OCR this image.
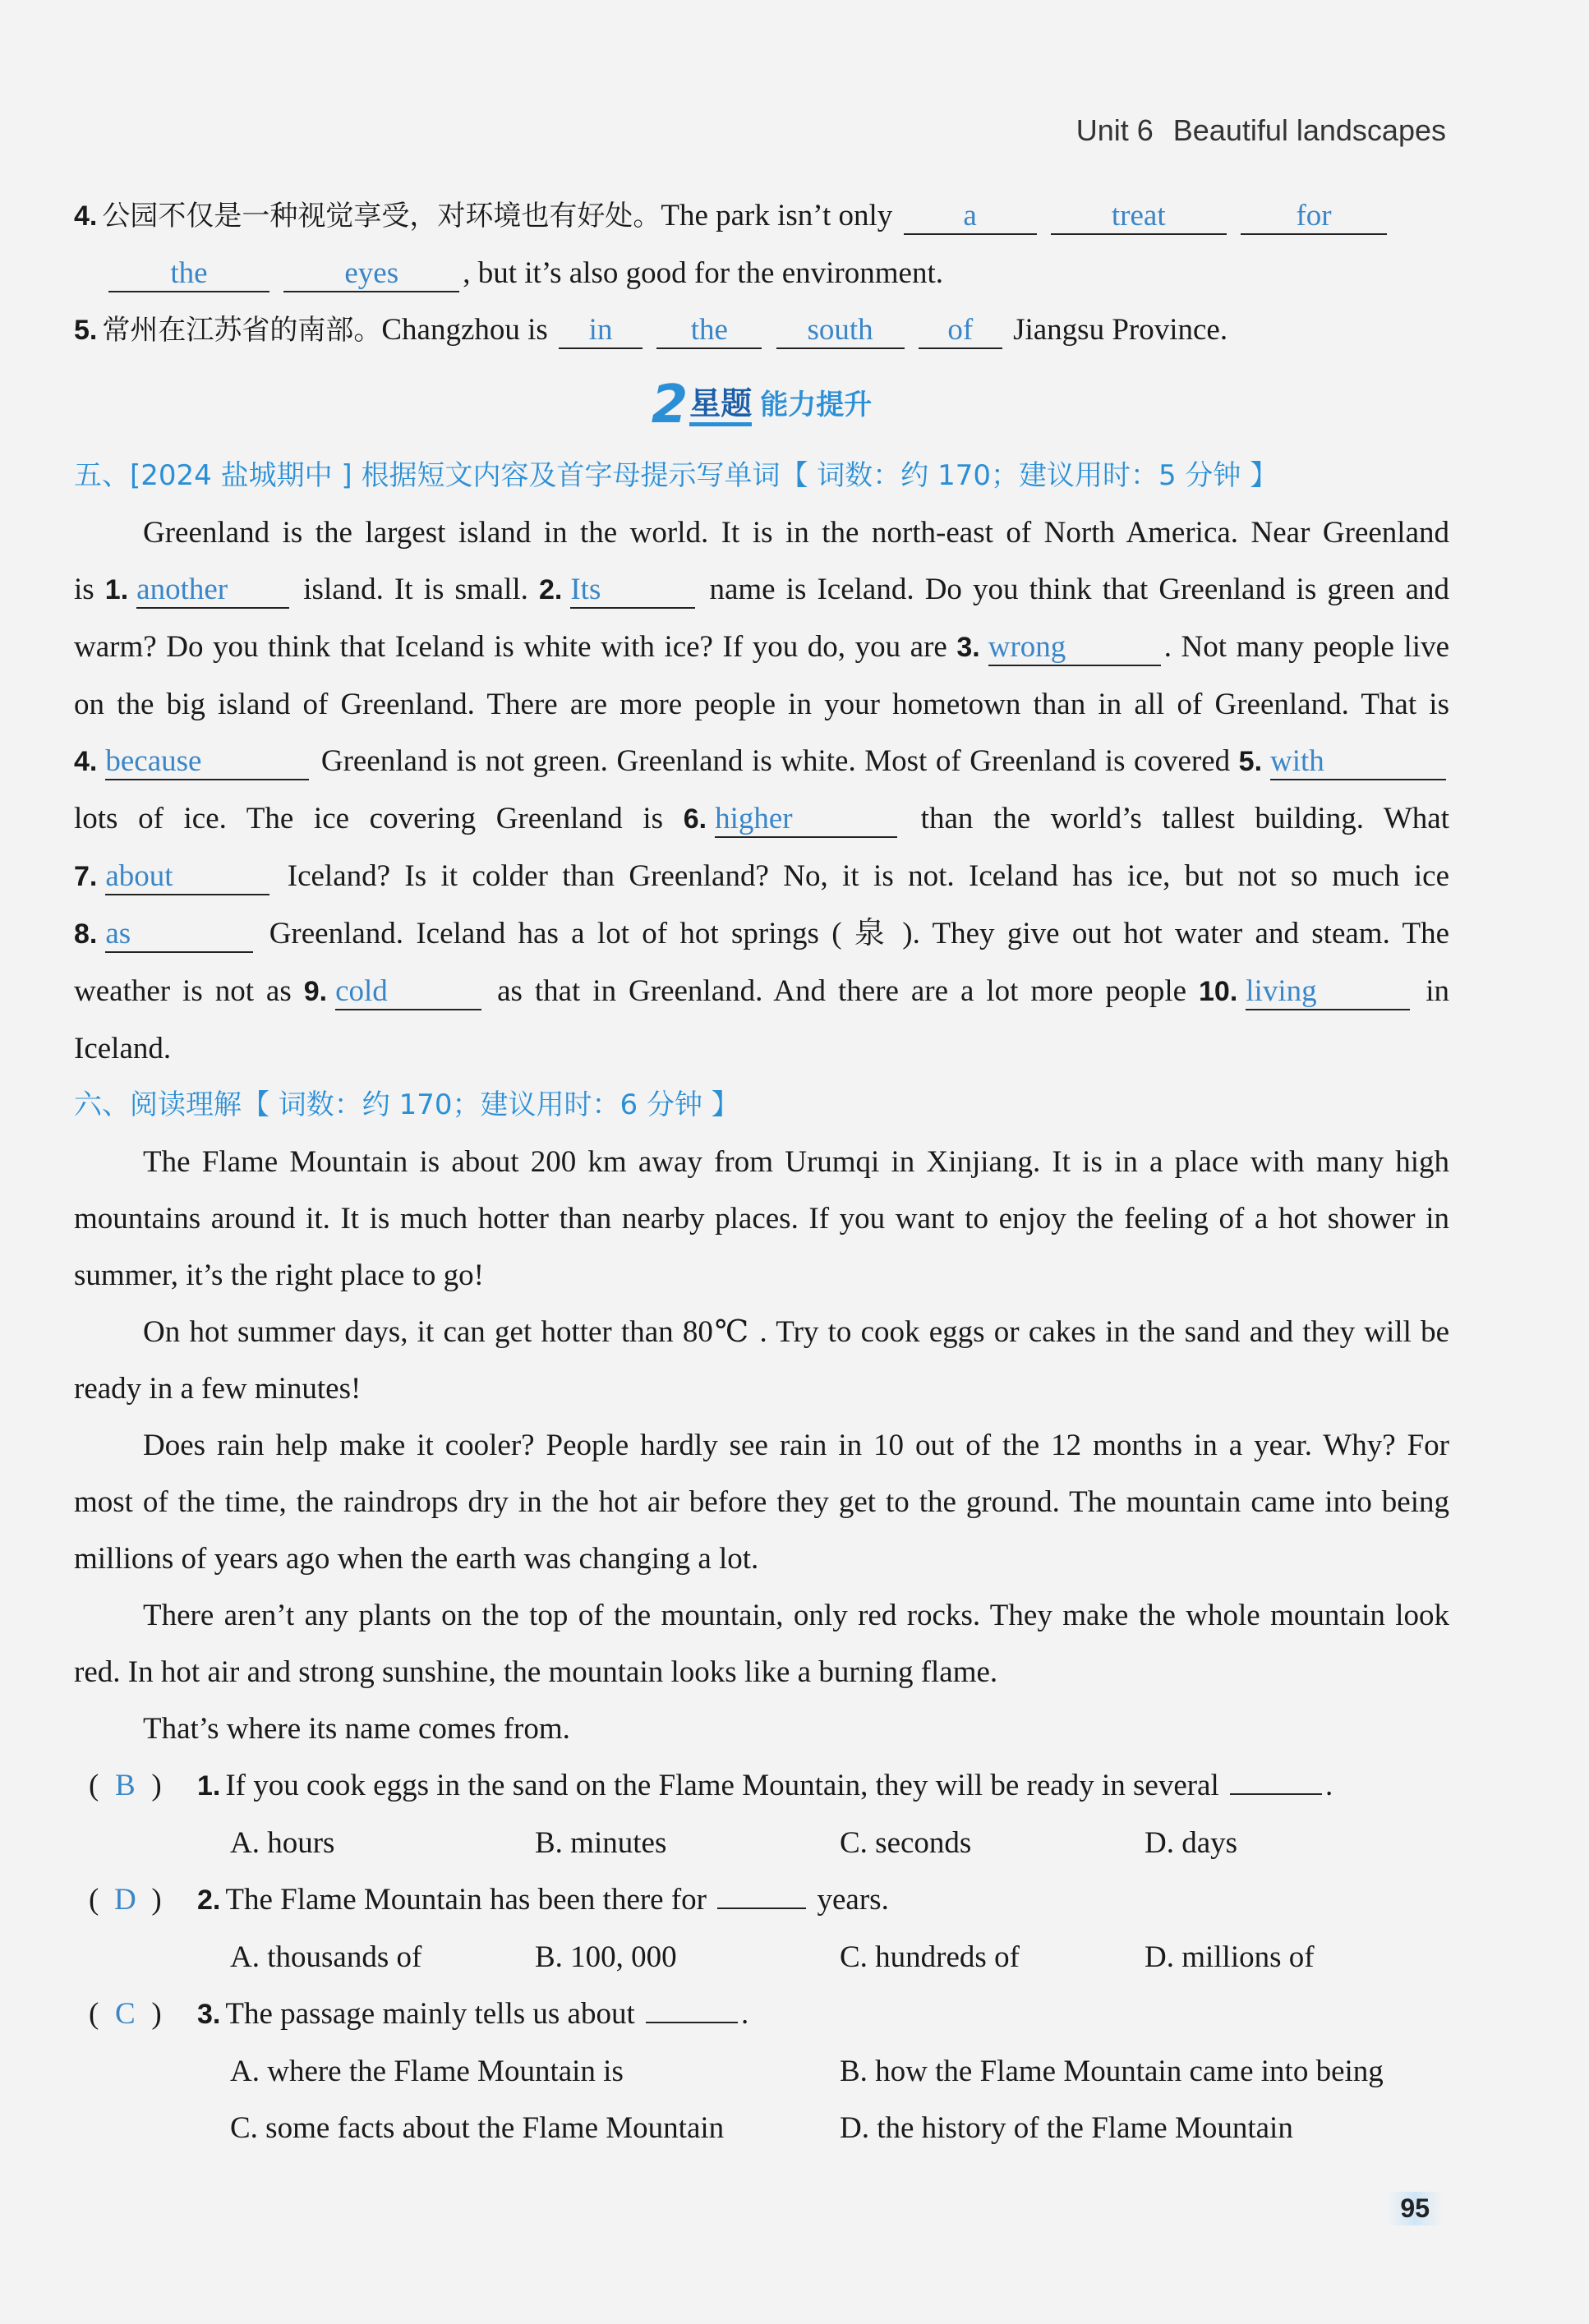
Unit 6 Beautiful landscapes
4. 公园不仅是一种视觉享受，对环境也有好处。The park isn’t only a	treat	for
the	eyes , but it’s also good for the environment.
5. 常州在江苏省的南部。Changzhou is in	the	south of Jiangsu Province.
2星题 能力提升
五、[2024 盐城期中 ] 根据短文内容及首字母提示写单词【 词数：约 170；建议用时：5 分钟 】
Greenland is the largest island in the world. It is in the north-east of North America. Near Greenland
is 1. another island. It is small. 2. Its	name is Iceland. Do you think that Greenland is green and
warm? Do you think that Iceland is white with ice? If you do, you are 3. wrong	. Not many people live
on the big island of Greenland. There are more people in your hometown than in all of Greenland. That is
4. because	Greenland is not green. Greenland is white. Most of Greenland is covered 5. with
lots of ice. The ice covering Greenland is 6. higher	than the world’s tallest building. What
7. about	Iceland? Is it colder than Greenland? No, it is not. Iceland has ice, but not so much ice
8. as	Greenland. Iceland has a lot of hot springs ( 泉 ). They give out hot water and steam. The
weather is not as 9. cold	as that in Greenland. And there are a lot more people 10. living	in
Iceland.
六、阅读理解【 词数：约 170；建议用时：6 分钟 】
The Flame Mountain is about 200 km away from Urumqi in Xinjiang. It is in a place with many high
mountains around it. It is much hotter than nearby places. If you want to enjoy the feeling of a hot shower in
summer, it’s the right place to go!
On hot summer days, it can get hotter than 80℃ . Try to cook eggs or cakes in the sand and they will be
ready in a few minutes!
Does rain help make it cooler? People hardly see rain in 10 out of the 12 months in a year. Why? For
most of the time, the raindrops dry in the hot air before they get to the ground. The mountain came into being
millions of years ago when the earth was changing a lot.
There aren’t any plants on the top of the mountain, only red rocks. They make the whole mountain look
red. In hot air and strong sunshine, the mountain looks like a burning flame.
That’s where its name comes from.
( B ) 1. If you cook eggs in the sand on the Flame Mountain, they will be ready in several	.
A. hours	B. minutes	C. seconds	D. days
( D ) 2. The Flame Mountain has been there for	years.
A. thousands of	B. 100, 000	C. hundreds of	D. millions of
( C ) 3. The passage mainly tells us about	.
A. where the Flame Mountain is	B. how the Flame Mountain came into being
C. some facts about the Flame Mountain	D. the history of the Flame Mountain
95
